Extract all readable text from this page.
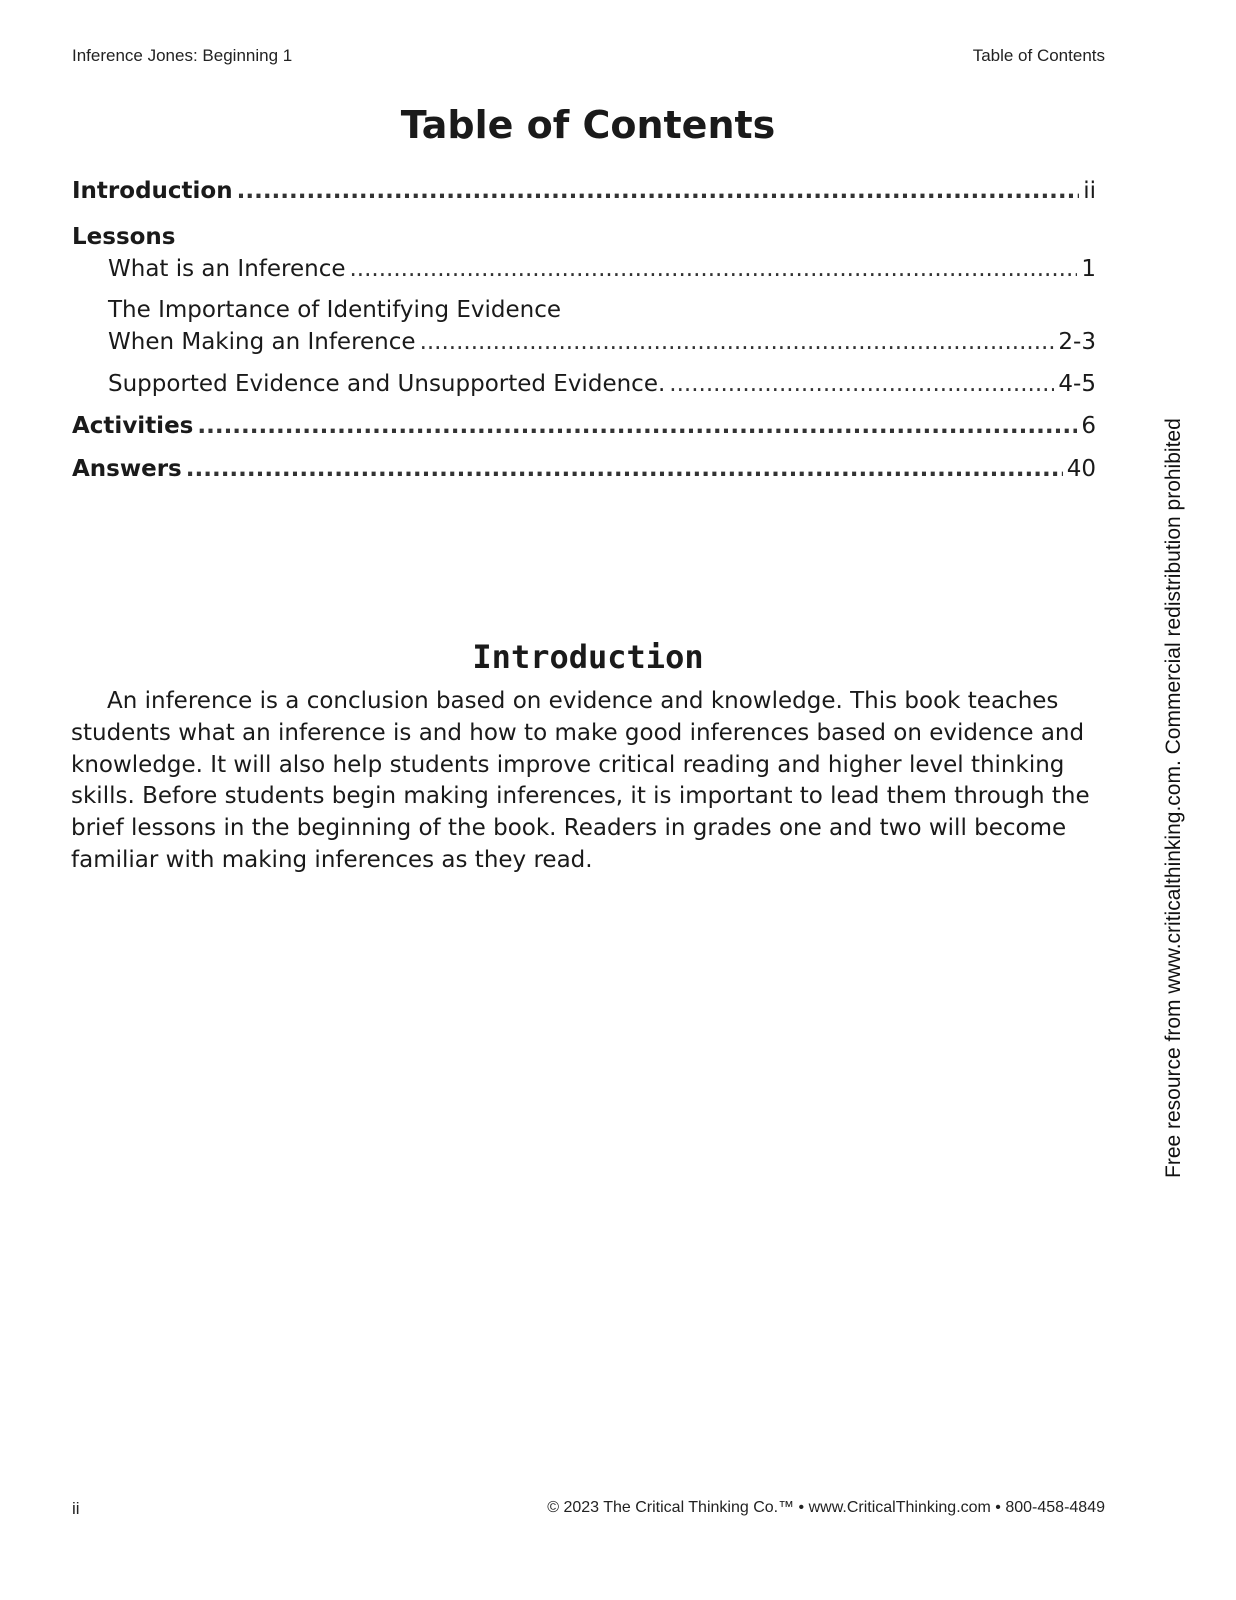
Inference Jones: Beginning 1	Table of Contents
Table of Contents
Introduction .....	ii
Lessons
What is an Inference .....	1
The Importance of Identifying Evidence
When Making an Inference .....	2-3
Supported Evidence and Unsupported Evidence. .....	4-5
Activities .....	6
Answers .....	40
Introduction

An inference is a conclusion based on evidence and knowledge. This book teaches students what an inference is and how to make good inferences based on evidence and knowledge. It will also help students improve critical reading and higher level thinking skills. Before students begin making inferences, it is important to lead them through the brief lessons in the beginning of the book. Readers in grades one and two will become familiar with making inferences as they read.	Free resource from www.criticalthinking.com. Commercial redistribution prohibited
ii	© 2023 The Critical Thinking Co.™ • www.CriticalThinking.com • 800-458-4849
